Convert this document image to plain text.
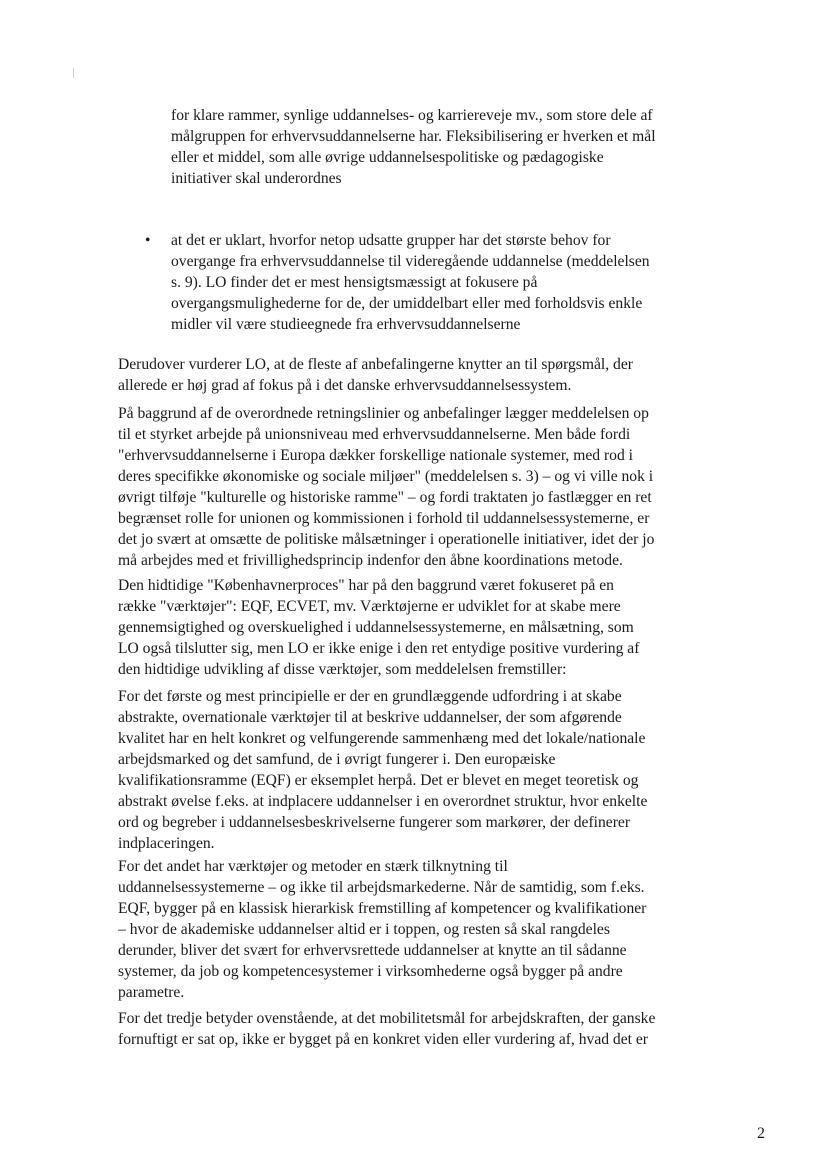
for klare rammer, synlige uddannelses- og karriereveje mv., som store dele af
målgruppen for erhvervsuddannelserne har. Fleksibilisering er hverken et mål
eller et middel, som alle øvrige uddannelsespolitiske og pædagogiske
initiativer skal underordnes

• at det er uklart, hvorfor netop udsatte grupper har det største behov for
overgange fra erhvervsuddannelse til videregående uddannelse (meddelelsen
s. 9). LO finder det er mest hensigtsmæssigt at fokusere på
overgangsmulighederne for de, der umiddelbart eller med forholdsvis enkle
midler vil være studieegnede fra erhvervsuddannelserne

Derudover vurderer LO, at de fleste af anbefalingerne knytter an til spørgsmål, der
allerede er høj grad af fokus på i det danske erhvervsuddannelsessystem.

På baggrund af de overordnede retningslinier og anbefalinger lægger meddelelsen op
til et styrket arbejde på unionsniveau med erhvervsuddannelserne. Men både fordi
"erhvervsuddannelserne i Europa dækker forskellige nationale systemer, med rod i
deres specifikke økonomiske og sociale miljøer" (meddelelsen s. 3) – og vi ville nok i
øvrigt tilføje "kulturelle og historiske ramme" – og fordi traktaten jo fastlægger en ret
begrænset rolle for unionen og kommissionen i forhold til uddannelsessystemerne, er
det jo svært at omsætte de politiske målsætninger i operationelle initiativer, idet der jo
må arbejdes med et frivillighedsprincip indenfor den åbne koordinations metode.

Den hidtidige "Københavnerproces" har på den baggrund været fokuseret på en
række "værktøjer": EQF, ECVET, mv. Værktøjerne er udviklet for at skabe mere
gennemsigtighed og overskuelighed i uddannelsessystemerne, en målsætning, som
LO også tilslutter sig, men LO er ikke enige i den ret entydige positive vurdering af
den hidtidige udvikling af disse værktøjer, som meddelelsen fremstiller:

For det første og mest principielle er der en grundlæggende udfordring i at skabe
abstrakte, overnationale værktøjer til at beskrive uddannelser, der som afgørende
kvalitet har en helt konkret og velfungerende sammenhæng med det lokale/nationale
arbejdsmarked og det samfund, de i øvrigt fungerer i. Den europæiske
kvalifikationsramme (EQF) er eksemplet herpå. Det er blevet en meget teoretisk og
abstrakt øvelse f.eks. at indplacere uddannelser i en overordnet struktur, hvor enkelte
ord og begreber i uddannelsesbeskrivelserne fungerer som markører, der definerer
indplaceringen.

For det andet har værktøjer og metoder en stærk tilknytning til
uddannelsessystemerne – og ikke til arbejdsmarkederne. Når de samtidig, som f.eks.
EQF, bygger på en klassisk hierarkisk fremstilling af kompetencer og kvalifikationer
– hvor de akademiske uddannelser altid er i toppen, og resten så skal rangdeles
derunder, bliver det svært for erhvervsrettede uddannelser at knytte an til sådanne
systemer, da job og kompetencesystemer i virksomhederne også bygger på andre
parametre.

For det tredje betyder ovenstående, at det mobilitetsmål for arbejdskraften, der ganske
fornuftigt er sat op, ikke er bygget på en konkret viden eller vurdering af, hvad det er

2
